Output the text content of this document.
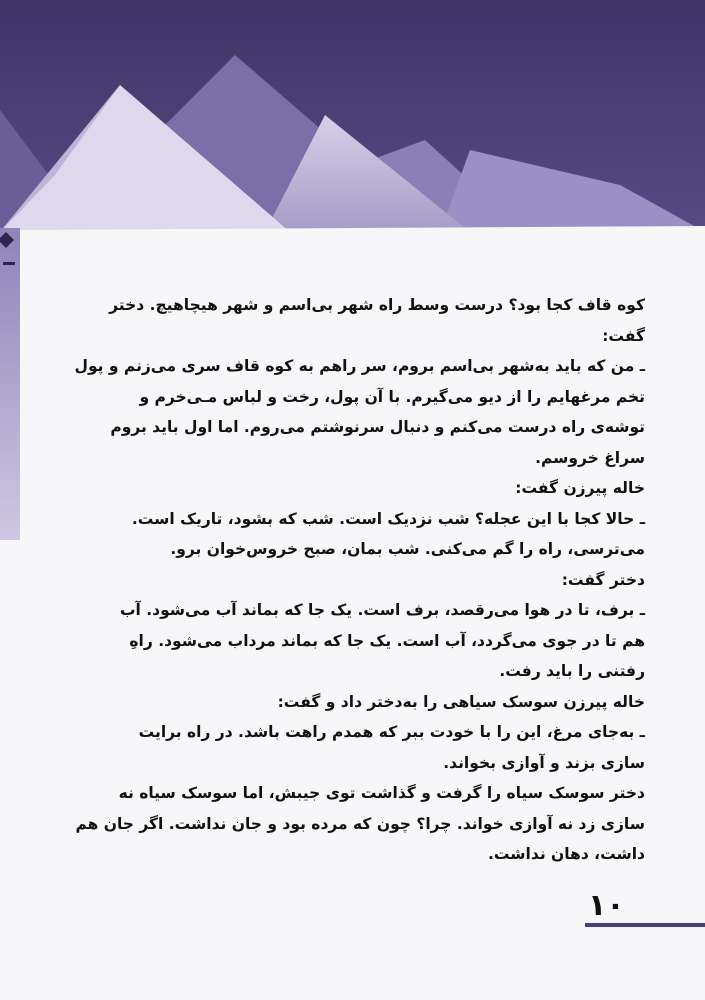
کوه قاف کجا بود؟ درست وسط راه شهر بی‌اسم و شهر هیچاهیچ. دختر
گفت:
ـ من که باید به‌شهر بی‌اسم بروم، سر راهم به کوه قاف سری می‌زنم و پول
تخم مرغهایم را از دیو می‌گیرم. با آن پول، رخت و لباس مـی‌خرم و
توشه‌ی راه درست می‌کنم و دنبال سرنوشتم می‌روم. اما اول باید بروم
سراغ خروسم.
خاله پیرزن گفت:
ـ حالا کجا با این عجله؟ شب نزدیک است. شب که بشود، تاریک است.
می‌ترسی، راه را گم می‌کنی. شب بمان، صبح خروس‌خوان برو.
دختر گفت:
ـ برف، تا در هوا می‌رقصد، برف است. یک جا که بماند آب می‌شود. آب
هم تا در جوی می‌گردد، آب است. یک جا که بماند مرداب می‌شود. راهِ
رفتنی را باید رفت.
خاله پیرزن سوسک سیاهی را به‌دختر داد و گفت:
ـ به‌جای مرغ، این را با خودت ببر که همدم راهت باشد. در راه برایت
سازی بزند و آوازی بخواند.
دختر سوسک سیاه را گرفت و گذاشت توی جیبش، اما سوسک سیاه نه
سازی زد نه آوازی خواند. چرا؟ چون که مرده بود و جان نداشت. اگر جان هم
داشت، دهان نداشت.
۱۰
